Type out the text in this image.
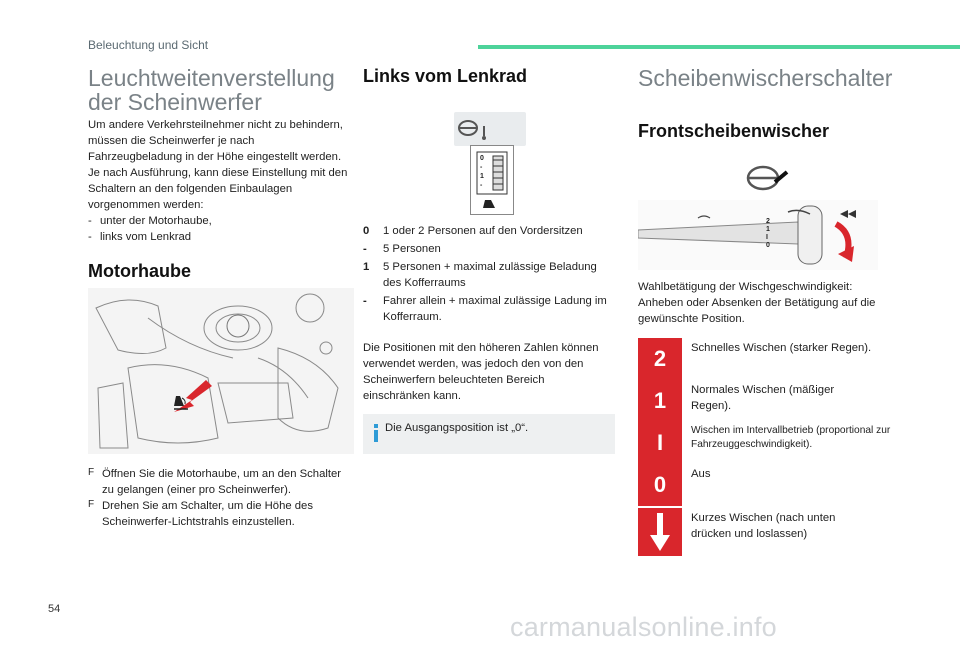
Beleuchtung und Sicht
Leuchtweitenverstellung
der Scheinwerfer
Um andere Verkehrsteilnehmer nicht zu behindern, müssen die Scheinwerfer je nach Fahrzeugbeladung in der Höhe eingestellt werden.
Je nach Ausführung, kann diese Einstellung mit den Schaltern an den folgenden Einbaulagen vorgenommen werden:
- unter der Motorhaube,
- links vom Lenkrad
Motorhaube
F Öffnen Sie die Motorhaube, um an den Schalter zu gelangen (einer pro Scheinwerfer).
F Drehen Sie am Schalter, um die Höhe des Scheinwerfer-Lichtstrahls einzustellen.
Links vom Lenkrad
0
-
1
-
0	1 oder 2 Personen auf den Vordersitzen
-	5 Personen
1	5 Personen + maximal zulässige Beladung des Kofferraums
-	Fahrer allein + maximal zulässige Ladung im Kofferraum.
Die Positionen mit den höheren Zahlen können verwendet werden, was jedoch den von den Scheinwerfern beleuchteten Bereich einschränken kann.
Die Ausgangsposition ist „0“.
Scheibenwischerschalter
Frontscheibenwischer
2
1
I
0
Wahlbetätigung der Wischgeschwindigkeit: Anheben oder Absenken der Betätigung auf die gewünschte Position.
2	Schnelles Wischen (starker Regen).
1	Normales Wischen (mäßiger Regen).
I	Wischen im Intervallbetrieb (proportional zur Fahrzeuggeschwindigkeit).
0	Aus
Kurzes Wischen (nach unten drücken und loslassen)
54
carmanualsonline.info
